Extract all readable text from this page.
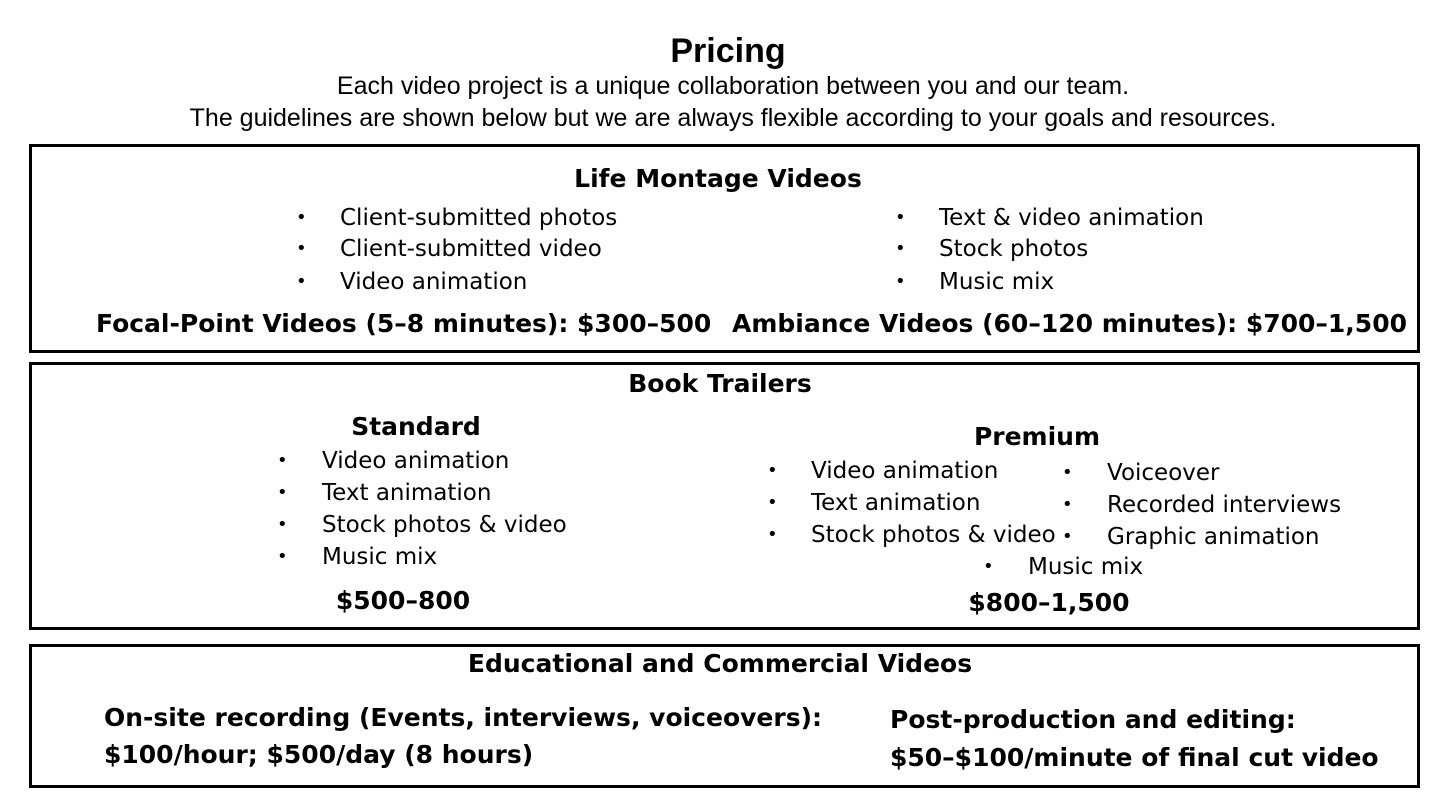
Pricing
Each video project is a unique collaboration between you and our team.
The guidelines are shown below but we are always flexible according to your goals and resources.
Life Montage Videos
• Client-submitted photos
• Client-submitted video
• Video animation
• Text & video animation
• Stock photos
• Music mix
Focal-Point Videos (5–8 minutes): $300–500 Ambiance Videos (60–120 minutes): $700–1,500
Book Trailers
Standard
• Video animation
• Text animation
• Stock photos & video
• Music mix
$500–800
Premium
• Video animation
• Text animation
• Stock photos & video
• Voiceover
• Recorded interviews
• Graphic animation
• Music mix
$800–1,500
Educational and Commercial Videos
On-site recording (Events, interviews, voiceovers):
$100/hour; $500/day (8 hours)
Post-production and editing:
$50–$100/minute of final cut video
